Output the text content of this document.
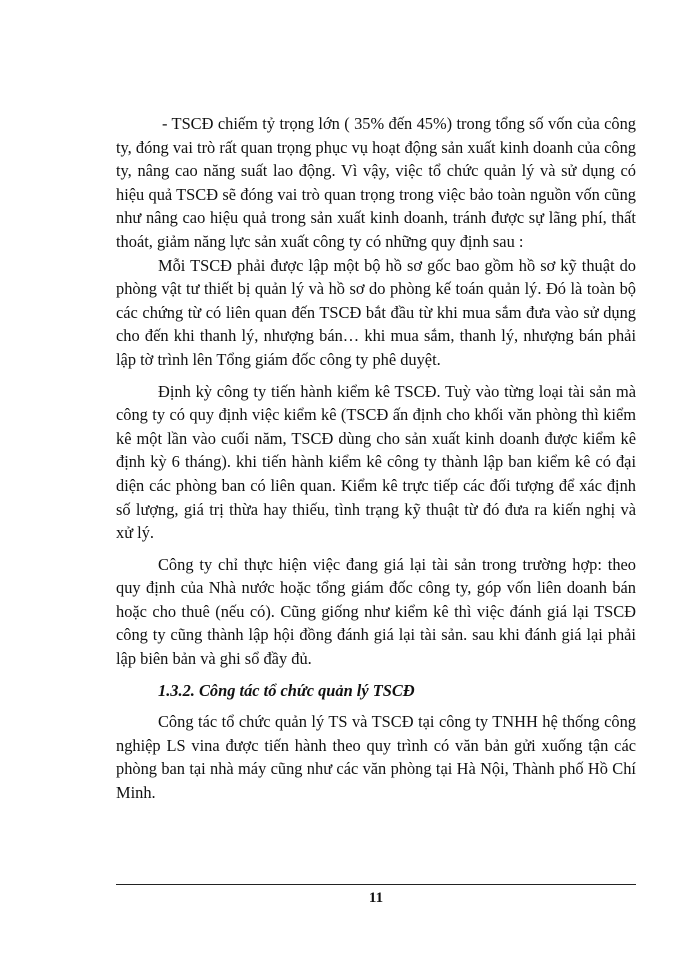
- TSCĐ chiếm tỷ trọng lớn ( 35% đến 45%) trong tổng số vốn của công ty, đóng vai trò rất quan trọng phục vụ hoạt động sản xuất kinh doanh của công ty, nâng cao năng suất lao động. Vì vậy, việc tổ chức quản lý và sử dụng có hiệu quả TSCĐ sẽ đóng vai trò quan trọng trong việc bảo toàn nguồn vốn cũng như nâng cao hiệu quả trong sản xuất kinh doanh, tránh được sự lãng phí, thất thoát, giảm năng lực sản xuất công ty có những quy định sau :

Mỗi TSCĐ phải được lập một bộ hồ sơ gốc bao gồm hồ sơ kỹ thuật do phòng vật tư thiết bị quản lý và hồ sơ do phòng kế toán quản lý. Đó là toàn bộ các chứng từ có liên quan đến TSCĐ bắt đầu từ khi mua sắm đưa vào sử dụng cho đến khi thanh lý, nhượng bán… khi mua sắm, thanh lý, nhượng bán phải lập tờ trình lên Tổng giám đốc công ty phê duyệt.

Định kỳ công ty tiến hành kiểm kê TSCĐ. Tuỳ vào từng loại tài sản mà công ty có quy định việc kiểm kê (TSCĐ ấn định cho khối văn phòng thì kiểm kê một lần vào cuối năm, TSCĐ dùng cho sản xuất kinh doanh được kiểm kê định kỳ 6 tháng). khi tiến hành kiểm kê công ty thành lập ban kiểm kê có đại diện các phòng ban có liên quan. Kiểm kê trực tiếp các đối tượng để xác định số lượng, giá trị thừa hay thiếu, tình trạng kỹ thuật từ đó đưa ra kiến nghị và xử lý.

Công ty chỉ thực hiện việc đang giá lại tài sản trong trường hợp: theo quy định của Nhà nước hoặc tổng giám đốc công ty, góp vốn liên doanh bán hoặc cho thuê (nếu có). Cũng giống như kiểm kê thì việc đánh giá lại TSCĐ công ty cũng thành lập hội đồng đánh giá lại tài sản. sau khi đánh giá lại phải lập biên bản và ghi sổ đầy đủ.

1.3.2. Công tác tổ chức quản lý TSCĐ

Công tác tổ chức quản lý TS và TSCĐ tại công ty TNHH hệ thống công nghiệp LS vina được tiến hành theo quy trình có văn bản gửi xuống tận các phòng ban tại nhà máy cũng như các văn phòng tại Hà Nội, Thành phố Hồ Chí Minh.

11
